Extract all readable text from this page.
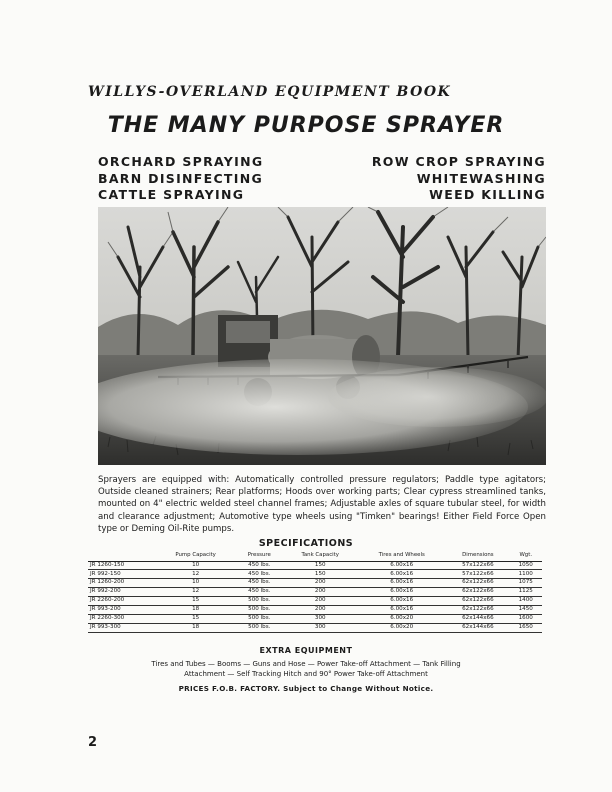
WILLYS-OVERLAND EQUIPMENT BOOK
THE MANY PURPOSE SPRAYER
ORCHARD SPRAYING
BARN DISINFECTING
CATTLE SPRAYING
ROW CROP SPRAYING
WHITEWASHING
WEED KILLING
Sprayers are equipped with: Automatically controlled pressure regulators; Paddle type agitators; Outside cleaned strainers; Rear platforms; Hoods over working parts; Clear cypress streamlined tanks, mounted on 4" electric welded steel channel frames; Adjustable axles of square tubular steel, for width and clearance adjustment; Automotive type wheels using "Timken" bearings! Either Field Force Open type or Deming Oil-Rite pumps.
SPECIFICATIONS
	Pump Capacity	Pressure	Tank Capacity	Tires and Wheels	Dimensions	Wgt.
JR 1260-150	10	450 lbs.	150	6.00x16	57x122x66	1050
JR 992-150	12	450 lbs.	150	6.00x16	57x122x66	1100
JR 1260-200	10	450 lbs.	200	6.00x16	62x122x66	1075
JR 992-200	12	450 lbs.	200	6.00x16	62x122x66	1125
JR 2260-200	15	500 lbs.	200	6.00x16	62x122x66	1400
JR 993-200	18	500 lbs.	200	6.00x16	62x122x66	1450
JR 2260-300	15	500 lbs.	300	6.00x20	62x144x66	1600
JR 993-300	18	500 lbs.	300	6.00x20	62x144x66	1650
EXTRA EQUIPMENT
Tires and Tubes — Booms — Guns and Hose — Power Take-off Attachment — Tank Filling
Attachment — Self Tracking Hitch and 90° Power Take-off Attachment
PRICES F.O.B. FACTORY. Subject to Change Without Notice.
2
